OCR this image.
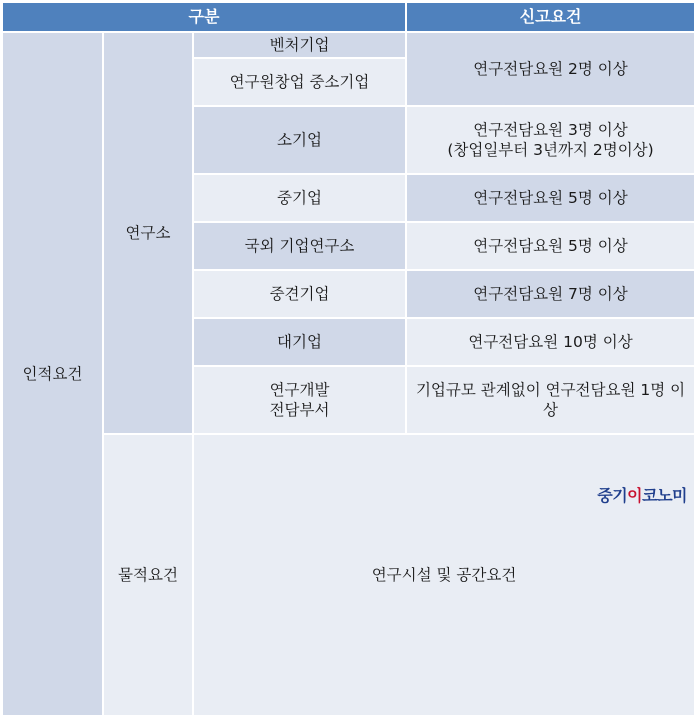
구분			신고요건	
인적요건	연구소	벤처기업	연구전담요원 2명 이상	
		연구원창업 중소기업		
		소기업	연구전담요원 3명 이상
(창업일부터 3년까지 2명이상)	

		중기업	연구전담요원 5명 이상	
		국외 기업연구소	연구전담요원 5명 이상	
		중견기업	연구전담요원 7명 이상	
		대기업	연구전담요원 10명 이상	

		연구개발
전담부서	기업규모 관계없이 연구전담요원 1명 이상	
	물적요건	연구시설 및 공간요건	
중기이코노미
